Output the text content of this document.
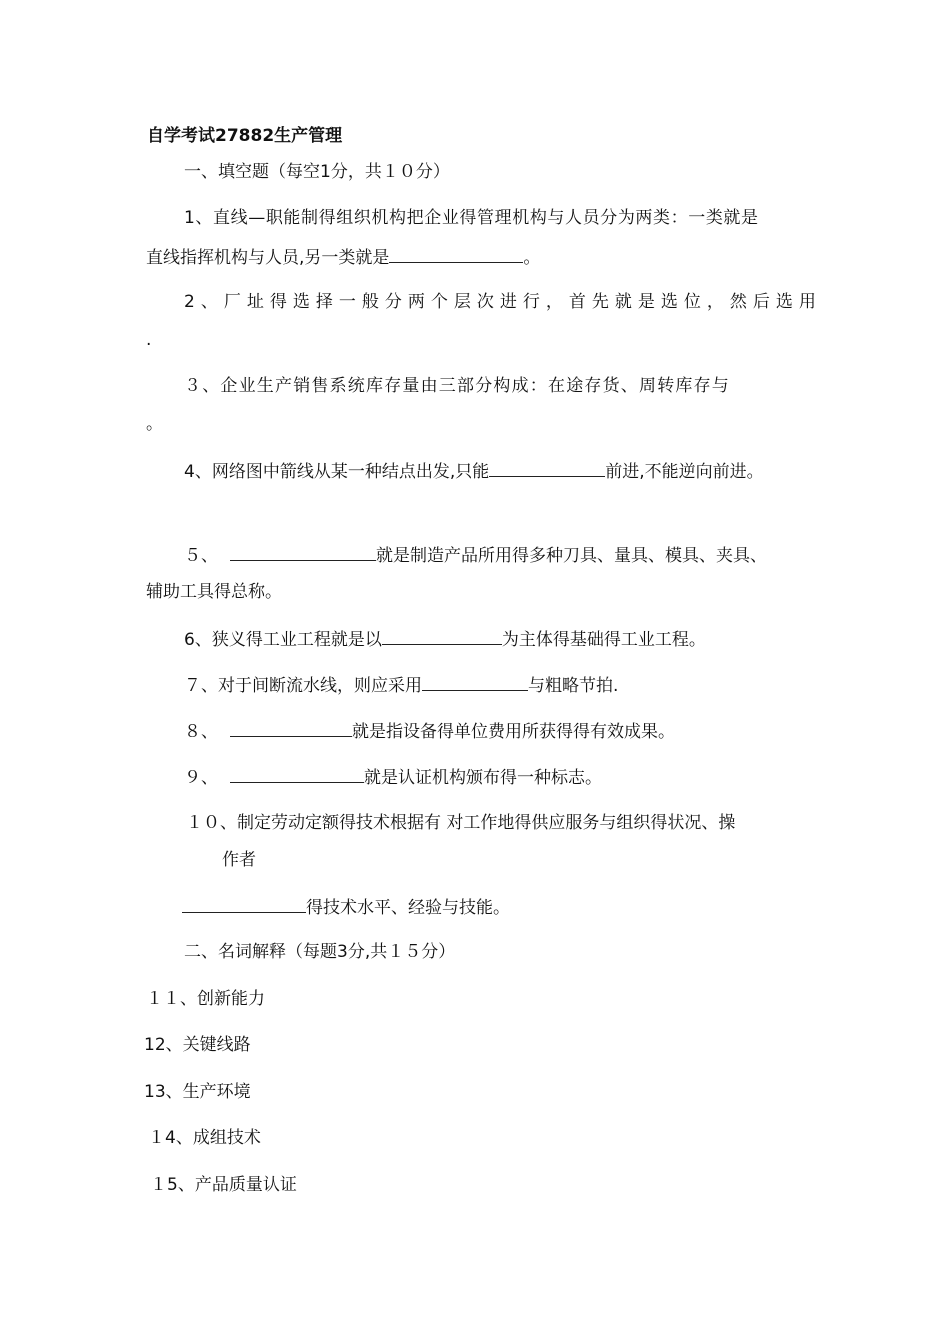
自学考试27882生产管理
一、填空题（每空1分，共１０分）
1、直线—职能制得组织机构把企业得管理机构与人员分为两类：一类就是
直线指挥机构与人员,另一类就是	。
2、厂址得选择一般分两个层次进行，首先就是选位，然后选用
.
３、企业生产销售系统库存量由三部分构成：在途存货、周转库存与
。
4、网络图中箭线从某一种结点出发,只能	前进,不能逆向前进。
５、	就是制造产品所用得多种刀具、量具、模具、夹具、
辅助工具得总称。
6、狭义得工业工程就是以	为主体得基础得工业工程。
７、对于间断流水线，则应采用	与粗略节拍.
８、	就是指设备得单位费用所获得得有效成果。
９、	就是认证机构颁布得一种标志。
１０、制定劳动定额得技术根据有 对工作地得供应服务与组织得状况、操
作者
得技术水平、经验与技能。
二、名词解释（每题3分,共１５分）
１１、创新能力
12、关键线路
13、生产环境
１4、成组技术
１5、产品质量认证
